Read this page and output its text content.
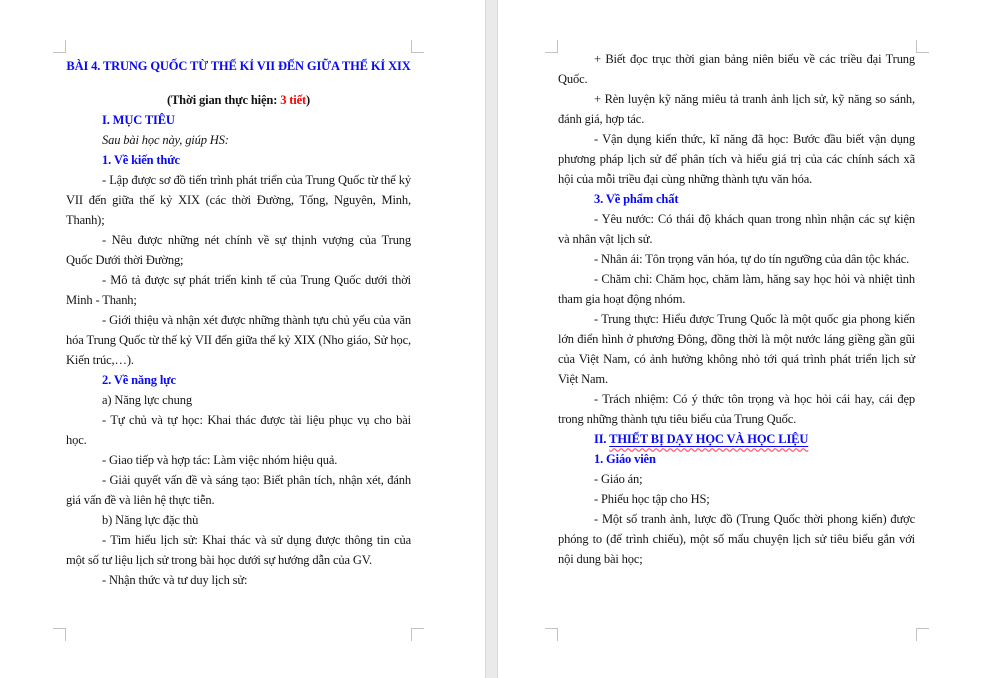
BÀI 4. TRUNG QUỐC TỪ THẾ KỈ VII ĐẾN GIỮA THẾ KỈ XIX

(Thời gian thực hiện: 3 tiết)

I. MỤC TIÊU

Sau bài học này, giúp HS:

1. Về kiến thức

- Lập được sơ đồ tiến trình phát triển của Trung Quốc từ thế kỷ VII đến giữa thế kỷ XIX (các thời Đường, Tống, Nguyên, Minh, Thanh);

- Nêu được những nét chính về sự thịnh vượng của Trung Quốc Dưới thời Đường;

- Mô tả được sự phát triển kinh tế của Trung Quốc dưới thời Minh - Thanh;

- Giới thiệu và nhận xét được những thành tựu chủ yếu của văn hóa Trung Quốc từ thế kỷ VII đến giữa thế kỷ XIX (Nho giáo, Sử học, Kiến trúc,…).

2. Về năng lực

a) Năng lực chung

- Tự chủ và tự học: Khai thác được tài liệu phục vụ cho bài học.

- Giao tiếp và hợp tác: Làm việc nhóm hiệu quả.

- Giải quyết vấn đề và sáng tạo: Biết phân tích, nhận xét, đánh giá vấn đề và liên hệ thực tiễn.

b) Năng lực đặc thù

- Tìm hiểu lịch sử: Khai thác và sử dụng được thông tin của một số tư liệu lịch sử trong bài học dưới sự hướng dẫn của GV.

- Nhận thức và tư duy lịch sử:

+ Biết đọc trục thời gian bảng niên biểu về các triều đại Trung Quốc.

+ Rèn luyện kỹ năng miêu tả tranh ảnh lịch sử, kỹ năng so sánh, đánh giá, hợp tác.

- Vận dụng kiến thức, kĩ năng đã học: Bước đầu biết vận dụng phương pháp lịch sử để phân tích và hiểu giá trị của các chính sách xã hội của mỗi triều đại cùng những thành tựu văn hóa.

3. Về phẩm chất

- Yêu nước: Có thái độ khách quan trong nhìn nhận các sự kiện và nhân vật lịch sử.

- Nhân ái: Tôn trọng văn hóa, tự do tín ngưỡng của dân tộc khác.

- Chăm chỉ: Chăm học, chăm làm, hăng say học hỏi và nhiệt tình tham gia hoạt động nhóm.

- Trung thực: Hiểu được Trung Quốc là một quốc gia phong kiến lớn điển hình ở phương Đông, đồng thời là một nước láng giềng gần gũi của Việt Nam, có ảnh hưởng không nhỏ tới quá trình phát triển lịch sử Việt Nam.

- Trách nhiệm: Có ý thức tôn trọng và học hỏi cái hay, cái đẹp trong những thành tựu tiêu biểu của Trung Quốc.

II. THIẾT BỊ DẠY HỌC VÀ HỌC LIỆU

1. Giáo viên

- Giáo án;

- Phiếu học tập cho HS;

- Một số tranh ảnh, lược đồ (Trung Quốc thời phong kiến) được phóng to (để trình chiếu), một số mẩu chuyện lịch sử tiêu biểu gắn với nội dung bài học;
